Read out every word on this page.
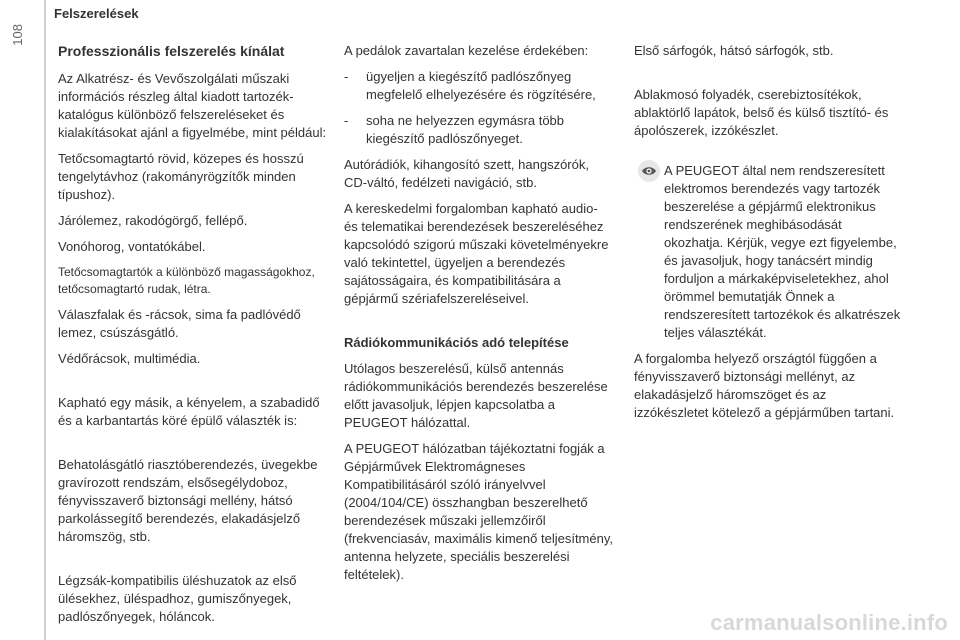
108
Felszerelések
Professzionális felszerelés kínálat

Az Alkatrész- és Vevőszolgálati műszaki információs részleg által kiadott tartozék-katalógus különböző felszereléseket és kialakításokat ajánl a figyelmébe, mint például:

Tetőcsomagtartó rövid, közepes és hosszú tengelytávhoz (rakományrögzítők minden típushoz).

Járólemez, rakodógörgő, fellépő.

Vonóhorog, vontatókábel.

Tetőcsomagtartók a különböző magasságokhoz, tetőcsomagtartó rudak, létra.

Válaszfalak és -rácsok, sima fa padlóvédő lemez, csúszásgátló.

Védőrácsok, multimédia.

Kapható egy másik, a kényelem, a szabadidő és a karbantartás köré épülő választék is:

Behatolásgátló riasztóberendezés, üvegekbe gravírozott rendszám, elsősegélydoboz, fényvisszaverő biztonsági mellény, hátsó parkolássegítő berendezés, elakadásjelző háromszög, stb.

Légzsák-kompatibilis üléshuzatok az első ülésekhez, üléspadhoz, gumiszőnyegek, padlószőnyegek, hóláncok.

A pedálok zavartalan kezelése érdekében:

- ügyeljen a kiegészítő padlószőnyeg megfelelő elhelyezésére és rögzítésére,
- soha ne helyezzen egymásra több kiegészítő padlószőnyeget.

Autórádiók, kihangosító szett, hangszórók, CD-váltó, fedélzeti navigáció, stb.

A kereskedelmi forgalomban kapható audio- és telematikai berendezések beszereléséhez kapcsolódó szigorú műszaki követelményekre való tekintettel, ügyeljen a berendezés sajátosságaira, és kompatibilitására a gépjármű szériafelszereléseivel.

Rádiókommunikációs adó telepítése

Utólagos beszerelésű, külső antennás rádiókommunikációs berendezés beszerelése előtt javasoljuk, lépjen kapcsolatba a PEUGEOT hálózattal.

A PEUGEOT hálózatban tájékoztatni fogják a Gépjárművek Elektromágneses Kompatibilitásáról szóló irányelvvel (2004/104/CE) összhangban beszerelhető berendezések műszaki jellemzőiről (frekvenciasáv, maximális kimenő teljesítmény, antenna helyzete, speciális beszerelési feltételek).

Első sárfogók, hátsó sárfogók, stb.

Ablakmosó folyadék, cserebiztosítékok, ablaktörlő lapátok, belső és külső tisztító- és ápolószerek, izzókészlet.

A PEUGEOT által nem rendszeresített elektromos berendezés vagy tartozék beszerelése a gépjármű elektronikus rendszerének meghibásodását okozhatja. Kérjük, vegye ezt figyelembe, és javasoljuk, hogy tanácsért mindig forduljon a márkaképviseletekhez, ahol örömmel bemutatják Önnek a rendszeresített tartozékok és alkatrészek teljes választékát.

A forgalomba helyező országtól függően a fényvisszaverő biztonsági mellényt, az elakadásjelző háromszöget és az izzókészletet kötelező a gépjárműben tartani.

carmanualsonline.info
